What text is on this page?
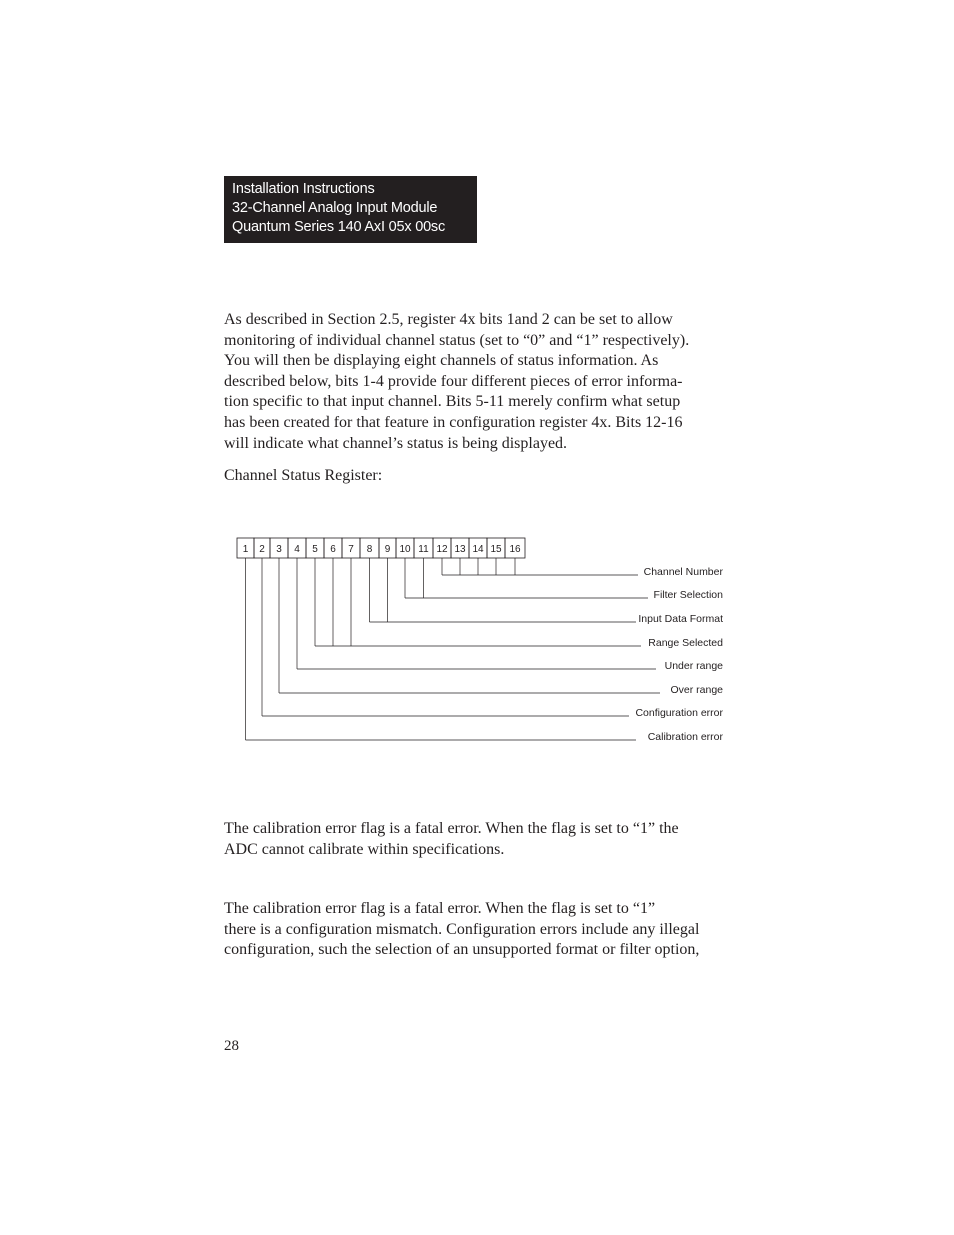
Installation Instructions
32-Channel Analog Input Module
Quantum Series 140 AxI 05x 00sc
As described in Section 2.5, register 4x bits 1and 2 can be set to allow
monitoring of individual channel status (set to “0” and “1” respectively).
You will then be displaying eight channels of status information. As
described below, bits 1-4 provide four different pieces of error informa-
tion specific to that input channel. Bits 5-11 merely confirm what setup
has been created for that feature in configuration register 4x. Bits 12-16
will indicate what channel’s status is being displayed.
Channel Status Register:
1 2 3 4 5 6 7 8 9 10 11 12 13 14 15 16
Channel Number
Filter Selection
Input Data Format
Range Selected
Under range
Over range
Configuration error
Calibration error
The calibration error flag is a fatal error. When the flag is set to “1” the
ADC cannot calibrate within specifications.
The calibration error flag is a fatal error. When the flag is set to “1”
there is a configuration mismatch. Configuration errors include any illegal
configuration, such the selection of an unsupported format or filter option,
28
